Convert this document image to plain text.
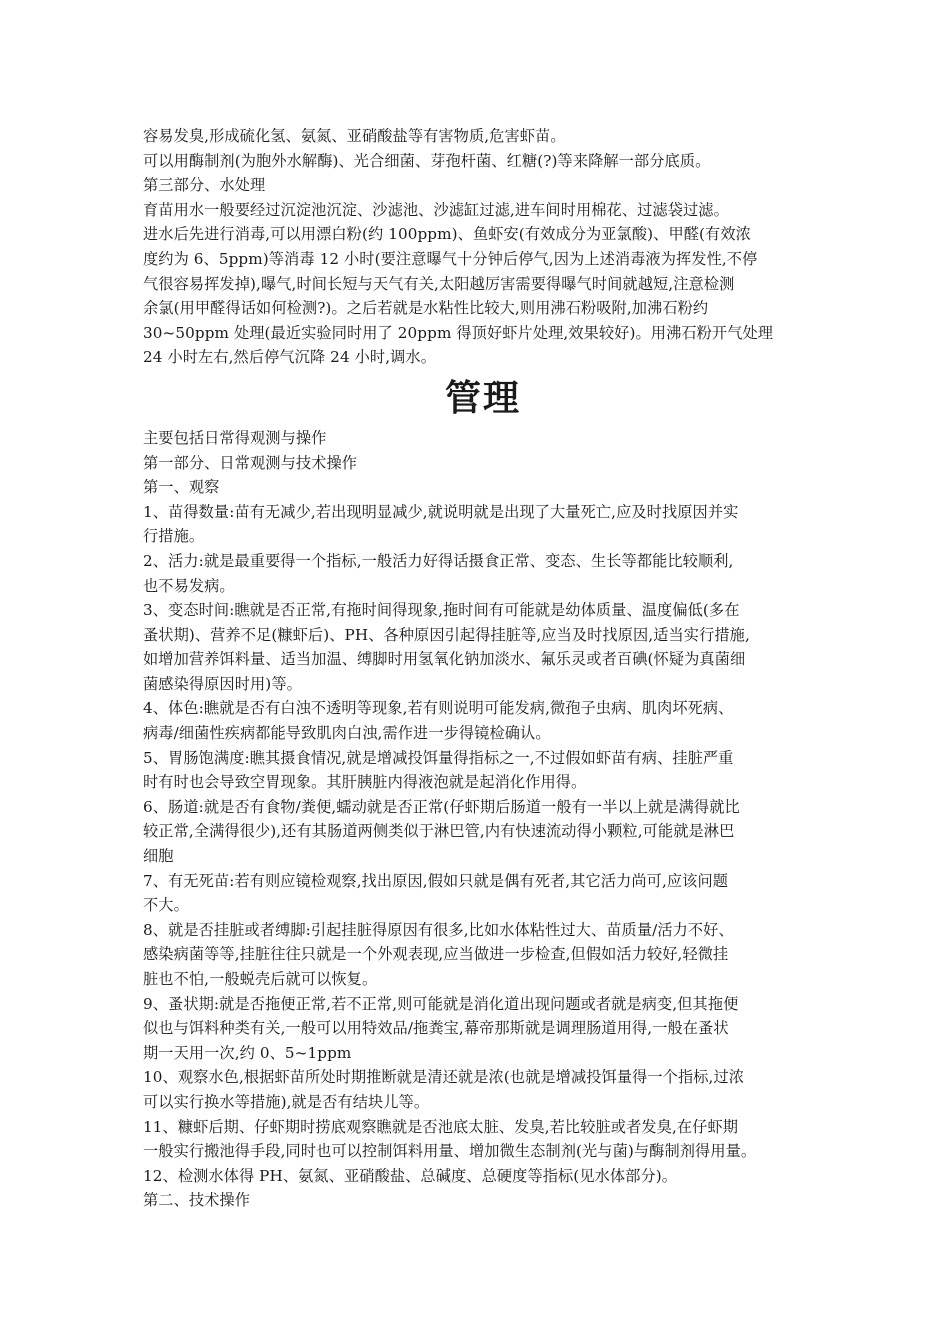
容易发臭,形成硫化氢、氨氮、亚硝酸盐等有害物质,危害虾苗。
可以用酶制剂(为胞外水解酶)、光合细菌、芽孢杆菌、红糖(?)等来降解一部分底质。
第三部分、水处理
育苗用水一般要经过沉淀池沉淀、沙滤池、沙滤缸过滤,进车间时用棉花、过滤袋过滤。
进水后先进行消毒,可以用漂白粉(约 100ppm)、鱼虾安(有效成分为亚氯酸)、甲醛(有效浓
度约为 6、5ppm)等消毒 12 小时(要注意曝气十分钟后停气,因为上述消毒液为挥发性,不停
气很容易挥发掉),曝气,时间长短与天气有关,太阳越厉害需要得曝气时间就越短,注意检测
余氯(用甲醛得话如何检测?)。之后若就是水粘性比较大,则用沸石粉吸附,加沸石粉约
30~50ppm 处理(最近实验同时用了 20ppm 得顶好虾片处理,效果较好)。用沸石粉开气处理
24 小时左右,然后停气沉降 24 小时,调水。
管理
主要包括日常得观测与操作
第一部分、日常观测与技术操作
第一、观察
1、苗得数量:苗有无减少,若出现明显减少,就说明就是出现了大量死亡,应及时找原因并实
行措施。
2、活力:就是最重要得一个指标,一般活力好得话摄食正常、变态、生长等都能比较顺利,
也不易发病。
3、变态时间:瞧就是否正常,有拖时间得现象,拖时间有可能就是幼体质量、温度偏低(多在
蚤状期)、营养不足(糠虾后)、PH、各种原因引起得挂脏等,应当及时找原因,适当实行措施,
如增加营养饵料量、适当加温、缚脚时用氢氧化钠加淡水、氟乐灵或者百碘(怀疑为真菌细
菌感染得原因时用)等。
4、体色:瞧就是否有白浊不透明等现象,若有则说明可能发病,微孢子虫病、肌肉坏死病、
病毒/细菌性疾病都能导致肌肉白浊,需作进一步得镜检确认。
5、胃肠饱满度:瞧其摄食情况,就是增减投饵量得指标之一,不过假如虾苗有病、挂脏严重
时有时也会导致空胃现象。其肝胰脏内得液泡就是起消化作用得。
6、肠道:就是否有食物/粪便,蠕动就是否正常(仔虾期后肠道一般有一半以上就是满得就比
较正常,全满得很少),还有其肠道两侧类似于淋巴管,内有快速流动得小颗粒,可能就是淋巴
细胞
7、有无死苗:若有则应镜检观察,找出原因,假如只就是偶有死者,其它活力尚可,应该问题
不大。
8、就是否挂脏或者缚脚:引起挂脏得原因有很多,比如水体粘性过大、苗质量/活力不好、
感染病菌等等,挂脏往往只就是一个外观表现,应当做进一步检查,但假如活力较好,轻微挂
脏也不怕,一般蜕壳后就可以恢复。
9、蚤状期:就是否拖便正常,若不正常,则可能就是消化道出现问题或者就是病变,但其拖便
似也与饵料种类有关,一般可以用特效品/拖粪宝,幕帝那斯就是调理肠道用得,一般在蚤状
期一天用一次,约 0、5~1ppm
10、观察水色,根据虾苗所处时期推断就是清还就是浓(也就是增减投饵量得一个指标,过浓
可以实行换水等措施),就是否有结块儿等。
11、糠虾后期、仔虾期时捞底观察瞧就是否池底太脏、发臭,若比较脏或者发臭,在仔虾期
一般实行搬池得手段,同时也可以控制饵料用量、增加微生态制剂(光与菌)与酶制剂得用量。
12、检测水体得 PH、氨氮、亚硝酸盐、总碱度、总硬度等指标(见水体部分)。
第二、技术操作
